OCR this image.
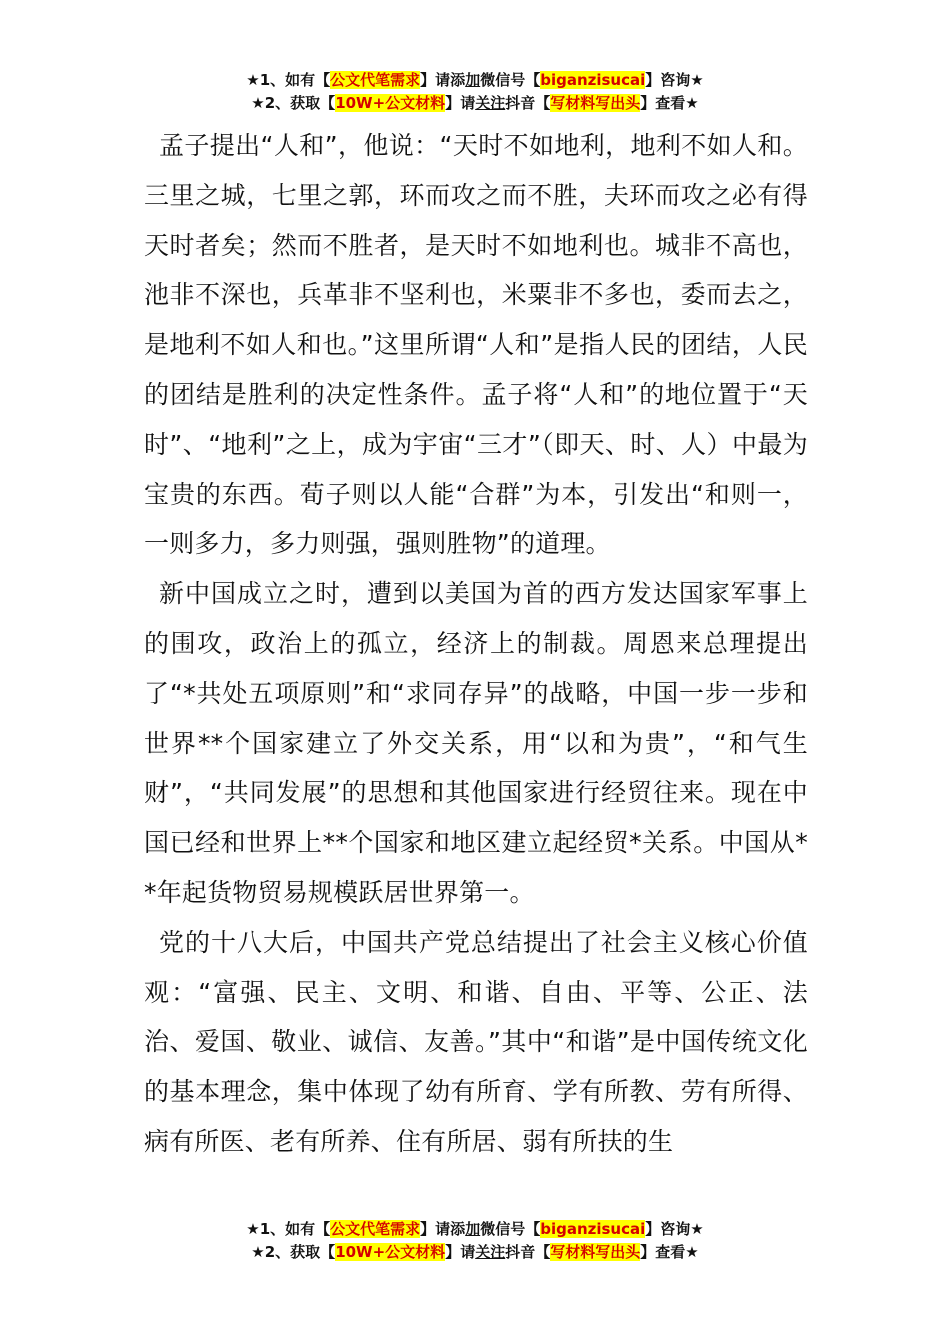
★1、如有【公文代笔需求】请添加微信号【biganzisucai】咨询★
★2、获取【10W+公文材料】请关注抖音【写材料写出头】查看★

孟子提出“人和”，他说：“天时不如地利，地利不如人和。三里之城，七里之郭，环而攻之而不胜，夫环而攻之必有得天时者矣；然而不胜者，是天时不如地利也。城非不高也，池非不深也，兵革非不坚利也，米粟非不多也，委而去之，是地利不如人和也。”这里所谓“人和”是指人民的团结，人民的团结是胜利的决定性条件。孟子将“人和”的地位置于“天时”、“地利”之上，成为宇宙“三才”（即天、时、人）中最为宝贵的东西。荀子则以人能“合群”为本，引发出“和则一，一则多力，多力则强，强则胜物”的道理。

新中国成立之时，遭到以美国为首的西方发达国家军事上的围攻，政治上的孤立，经济上的制裁。周恩来总理提出了“*共处五项原则”和“求同存异”的战略，中国一步一步和世界**个国家建立了外交关系，用“以和为贵”，“和气生财”，“共同发展”的思想和其他国家进行经贸往来。现在中国已经和世界上**个国家和地区建立起经贸*关系。中国从**年起货物贸易规模跃居世界第一。

党的十八大后，中国共产党总结提出了社会主义核心价值观：“富强、民主、文明、和谐、自由、平等、公正、法治、爱国、敬业、诚信、友善。”其中“和谐”是中国传统文化的基本理念，集中体现了幼有所育、学有所教、劳有所得、病有所医、老有所养、住有所居、弱有所扶的生

★1、如有【公文代笔需求】请添加微信号【biganzisucai】咨询★
★2、获取【10W+公文材料】请关注抖音【写材料写出头】查看★
